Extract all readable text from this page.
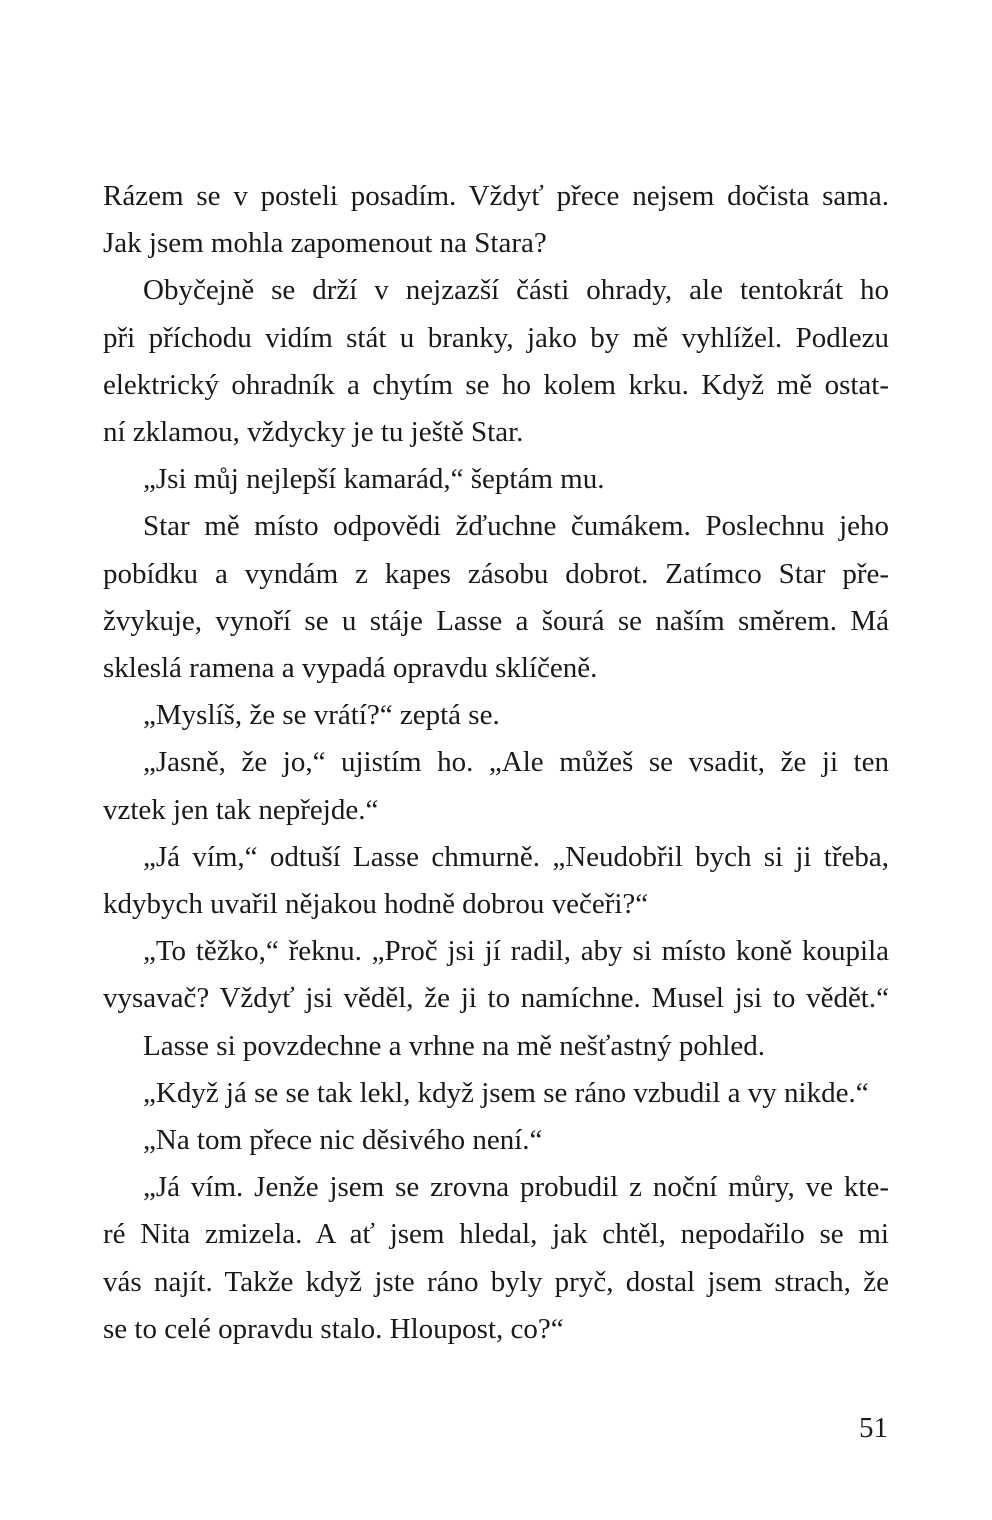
Rázem se v posteli posadím. Vždyť přece nejsem dočista sama.
Jak jsem mohla zapomenout na Stara?

Obyčejně se drží v nejzazší části ohrady, ale tentokrát ho
při příchodu vidím stát u branky, jako by mě vyhlížel. Podlezu
elektrický ohradník a chytím se ho kolem krku. Když mě ostat-
ní zklamou, vždycky je tu ještě Star.

„Jsi můj nejlepší kamarád,“ šeptám mu.

Star mě místo odpovědi žďuchne čumákem. Poslechnu jeho
pobídku a vyndám z kapes zásobu dobrot. Zatímco Star pře-
žvykuje, vynoří se u stáje Lasse a šourá se naším směrem. Má
skleslá ramena a vypadá opravdu sklíčeně.

„Myslíš, že se vrátí?“ zeptá se.

„Jasně, že jo,“ ujistím ho. „Ale můžeš se vsadit, že ji ten
vztek jen tak nepřejde.“

„Já vím,“ odtuší Lasse chmurně. „Neudobřil bych si ji třeba,
kdybych uvařil nějakou hodně dobrou večeři?“

„To těžko,“ řeknu. „Proč jsi jí radil, aby si místo koně koupila
vysavač? Vždyť jsi věděl, že ji to namíchne. Musel jsi to vědět.“

Lasse si povzdechne a vrhne na mě nešťastný pohled.

„Když já se se tak lekl, když jsem se ráno vzbudil a vy nikde.“

„Na tom přece nic děsivého není.“

„Já vím. Jenže jsem se zrovna probudil z noční můry, ve kte-
ré Nita zmizela. A ať jsem hledal, jak chtěl, nepodařilo se mi
vás najít. Takže když jste ráno byly pryč, dostal jsem strach, že
se to celé opravdu stalo. Hloupost, co?“

51
